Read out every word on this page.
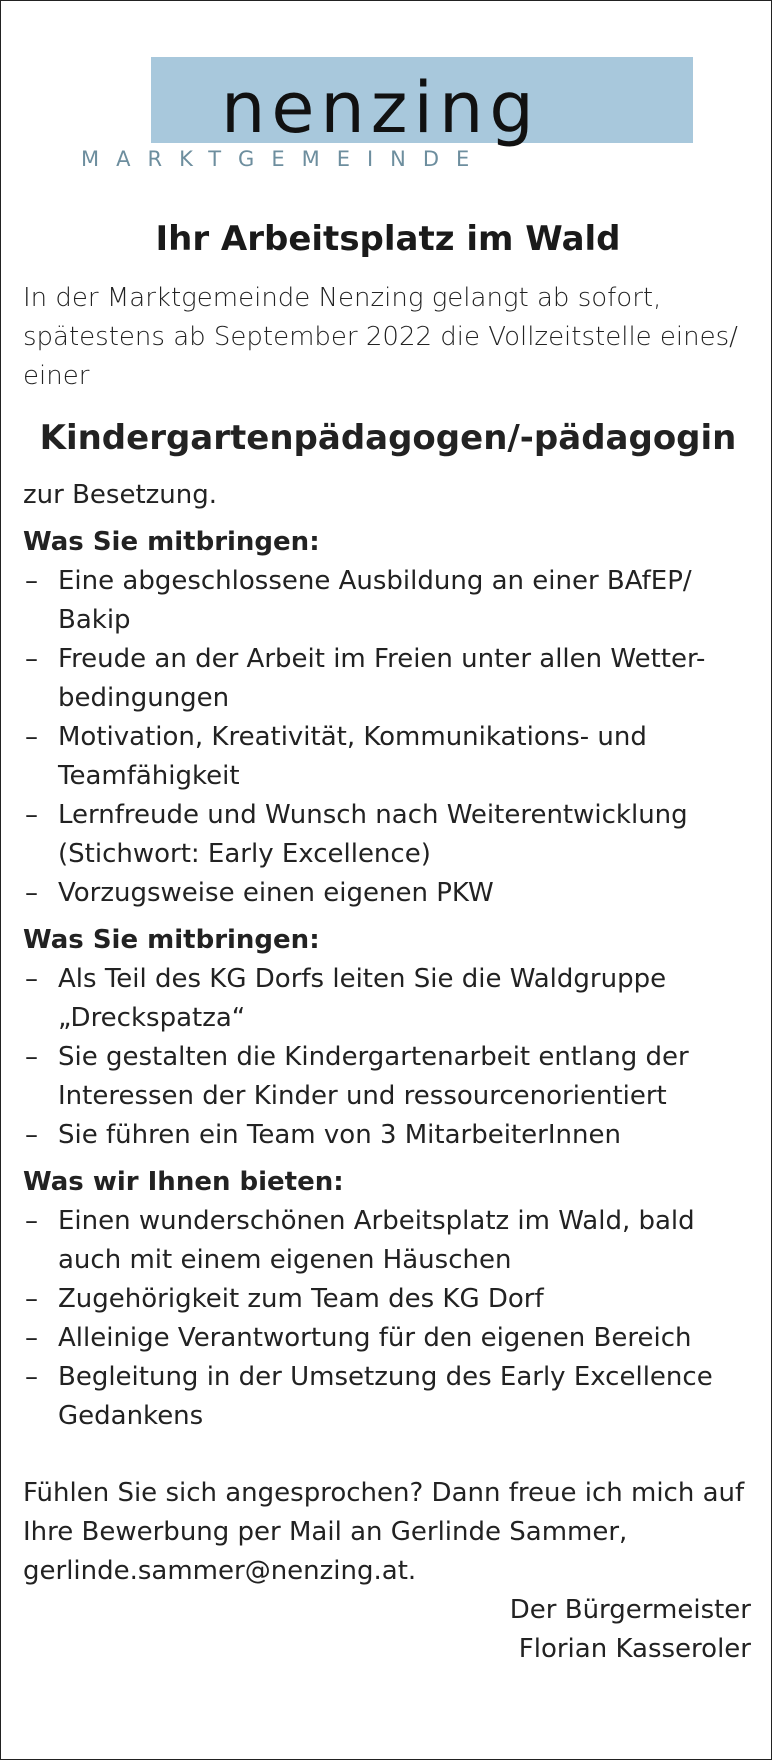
nenzing
MARKTGEMEINDE
Ihr Arbeitsplatz im Wald

In der Marktgemeinde Nenzing gelangt ab sofort, spätestens ab September 2022 die Vollzeitstelle eines/ einer

Kindergartenpädagogen/-pädagogin

zur Besetzung.

Was Sie mitbringen:
– Eine abgeschlossene Ausbildung an einer BAfEP/ Bakip
– Freude an der Arbeit im Freien unter allen Wetter-bedingungen
– Motivation, Kreativität, Kommunikations- und Teamfähigkeit
– Lernfreude und Wunsch nach Weiterentwicklung (Stichwort: Early Excellence)
– Vorzugsweise einen eigenen PKW
Was Sie mitbringen:
– Als Teil des KG Dorfs leiten Sie die Waldgruppe „Dreckspatza“
– Sie gestalten die Kindergartenarbeit entlang der Interessen der Kinder und ressourcenorientiert
– Sie führen ein Team von 3 MitarbeiterInnen
Was wir Ihnen bieten:
– Einen wunderschönen Arbeitsplatz im Wald, bald auch mit einem eigenen Häuschen
– Zugehörigkeit zum Team des KG Dorf
– Alleinige Verantwortung für den eigenen Bereich
– Begleitung in der Umsetzung des Early Excellence Gedankens

Fühlen Sie sich angesprochen? Dann freue ich mich auf Ihre Bewerbung per Mail an Gerlinde Sammer, gerlinde.sammer@nenzing.at.

Der Bürgermeister

Florian Kasseroler
